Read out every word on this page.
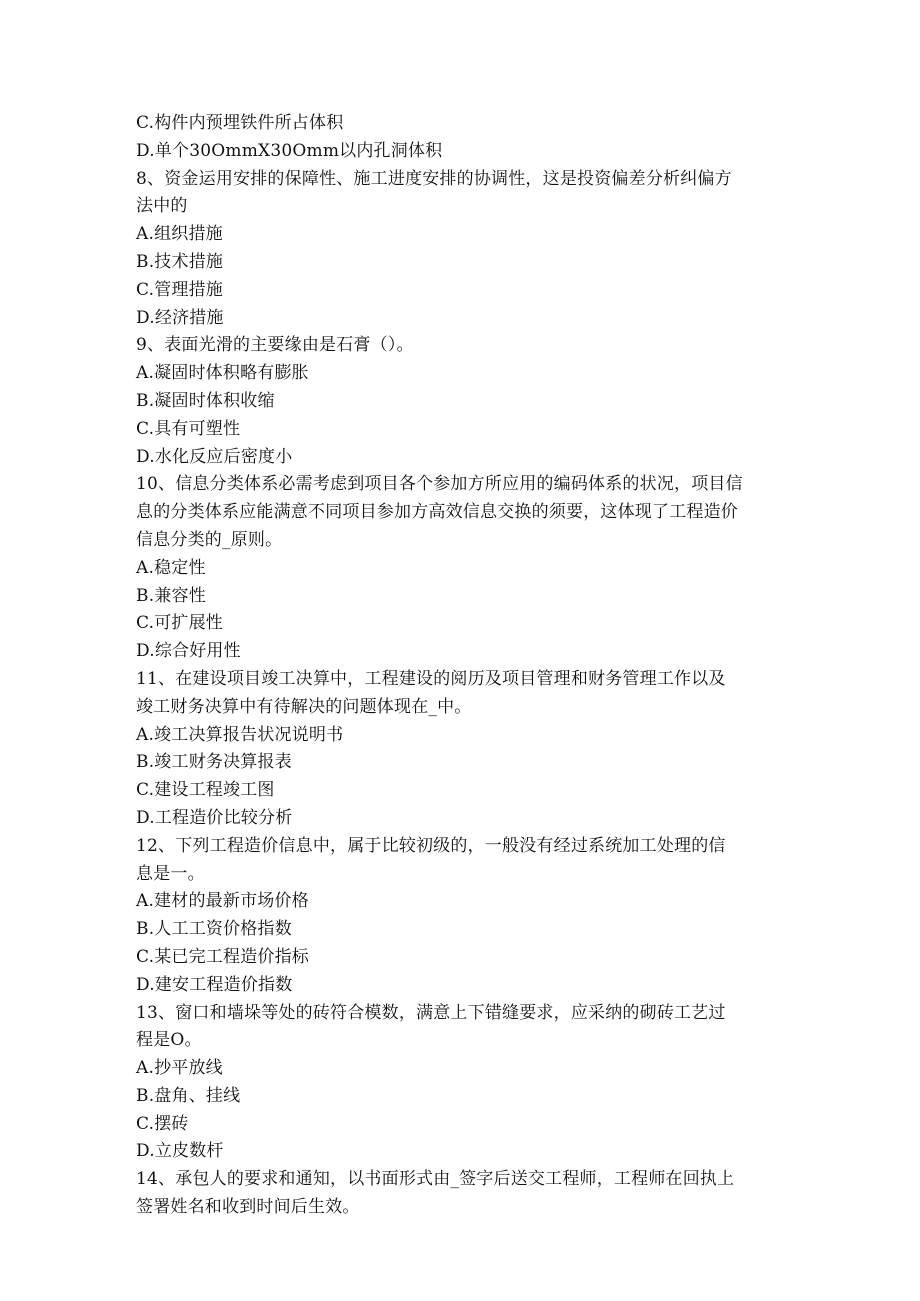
C.构件内预埋铁件所占体积
D.单个30OmmX30Omm以内孔洞体积
8、资金运用安排的保障性、施工进度安排的协调性，这是投资偏差分析纠偏方
法中的
A.组织措施
B.技术措施
C.管理措施
D.经济措施
9、表面光滑的主要缘由是石膏（）。
A.凝固时体积略有膨胀
B.凝固时体积收缩
C.具有可塑性
D.水化反应后密度小
10、信息分类体系必需考虑到项目各个参加方所应用的编码体系的状况，项目信
息的分类体系应能满意不同项目参加方高效信息交换的须要，这体现了工程造价
信息分类的_原则。
A.稳定性
B.兼容性
C.可扩展性
D.综合好用性
11、在建设项目竣工决算中，工程建设的阅历及项目管理和财务管理工作以及
竣工财务决算中有待解决的问题体现在_中。
A.竣工决算报告状况说明书
B.竣工财务决算报表
C.建设工程竣工图
D.工程造价比较分析
12、下列工程造价信息中，属于比较初级的，一般没有经过系统加工处理的信
息是一。
A.建材的最新市场价格
B.人工工资价格指数
C.某已完工程造价指标
D.建安工程造价指数
13、窗口和墙垛等处的砖符合模数，满意上下错缝要求，应采纳的砌砖工艺过
程是O。
A.抄平放线
B.盘角、挂线
C.摆砖
D.立皮数杆
14、承包人的要求和通知，以书面形式由_签字后送交工程师，工程师在回执上
签署姓名和收到时间后生效。
